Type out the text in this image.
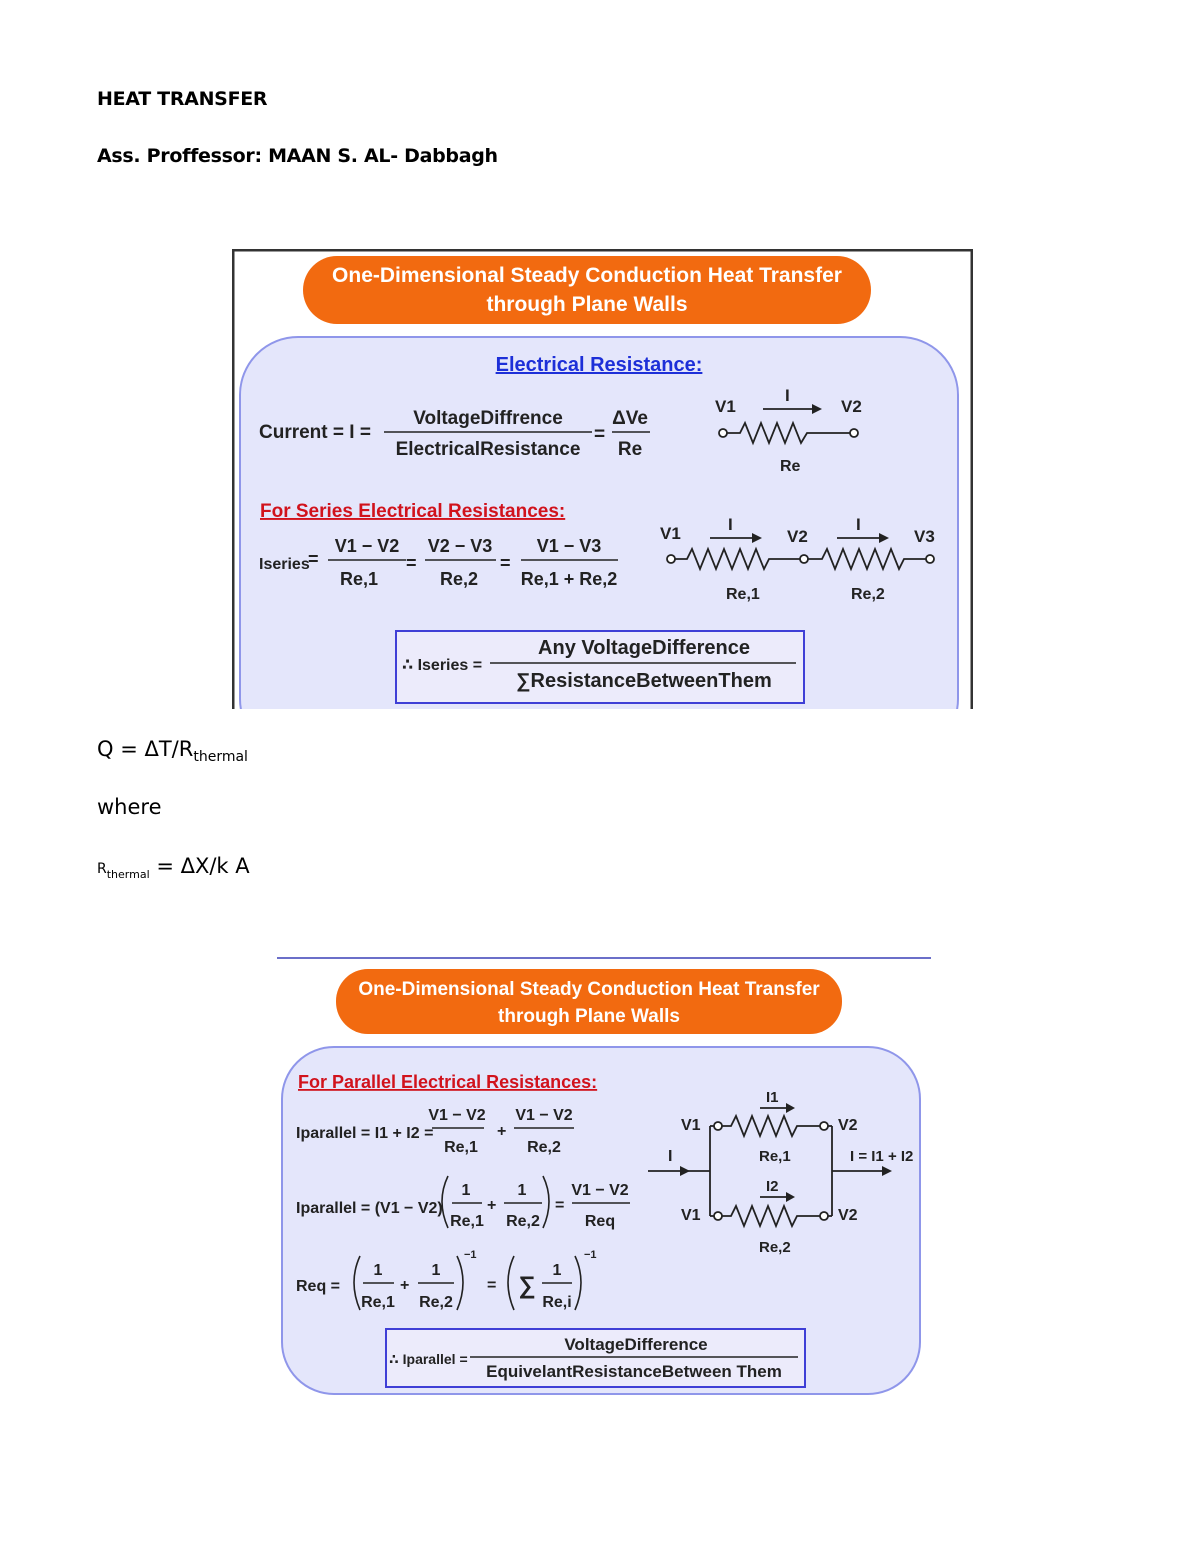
HEAT TRANSFER
Ass. Proffessor: MAAN S. AL- Dabbagh
One-Dimensional Steady Conduction Heat Transfer
through Plane Walls
Electrical Resistance:
Current = I =
VoltageDiffrence
ElectricalResistance
=
ΔVe
Re
V1	V2
I
Re
For Series Electrical Resistances:
Iseries
=
V1 − V2
Re,1
=
V2 − V3
Re,2
=
V1 − V3
Re,1 + Re,2
V1	V2	V3
I	I
Re,1	Re,2
∴ Iseries =
Any VoltageDifference
∑ResistanceBetweenThem
$Q = \Delta T/R_{thermal}$
where
$R_{thermal} = \Delta X/k$ A
One-Dimensional Steady Conduction Heat Transfer
through Plane Walls
For Parallel Electrical Resistances:
Iparallel = I1 + I2 =
V1 − V2
Re,1
+
V1 − V2
Re,2
Iparallel = (V1 − V2)
1
Re,1
+
1
Re,2
=
V1 − V2
Req
Req =
1
Re,1
+
1
Re,2
−1
= ∑
1
Re,i
−1
I1
I2
I	I = I1 + I2
V1	V2
V1	V2
Re,1
Re,2
∴ Iparallel =
VoltageDifference
EquivelantResistanceBetween Them
